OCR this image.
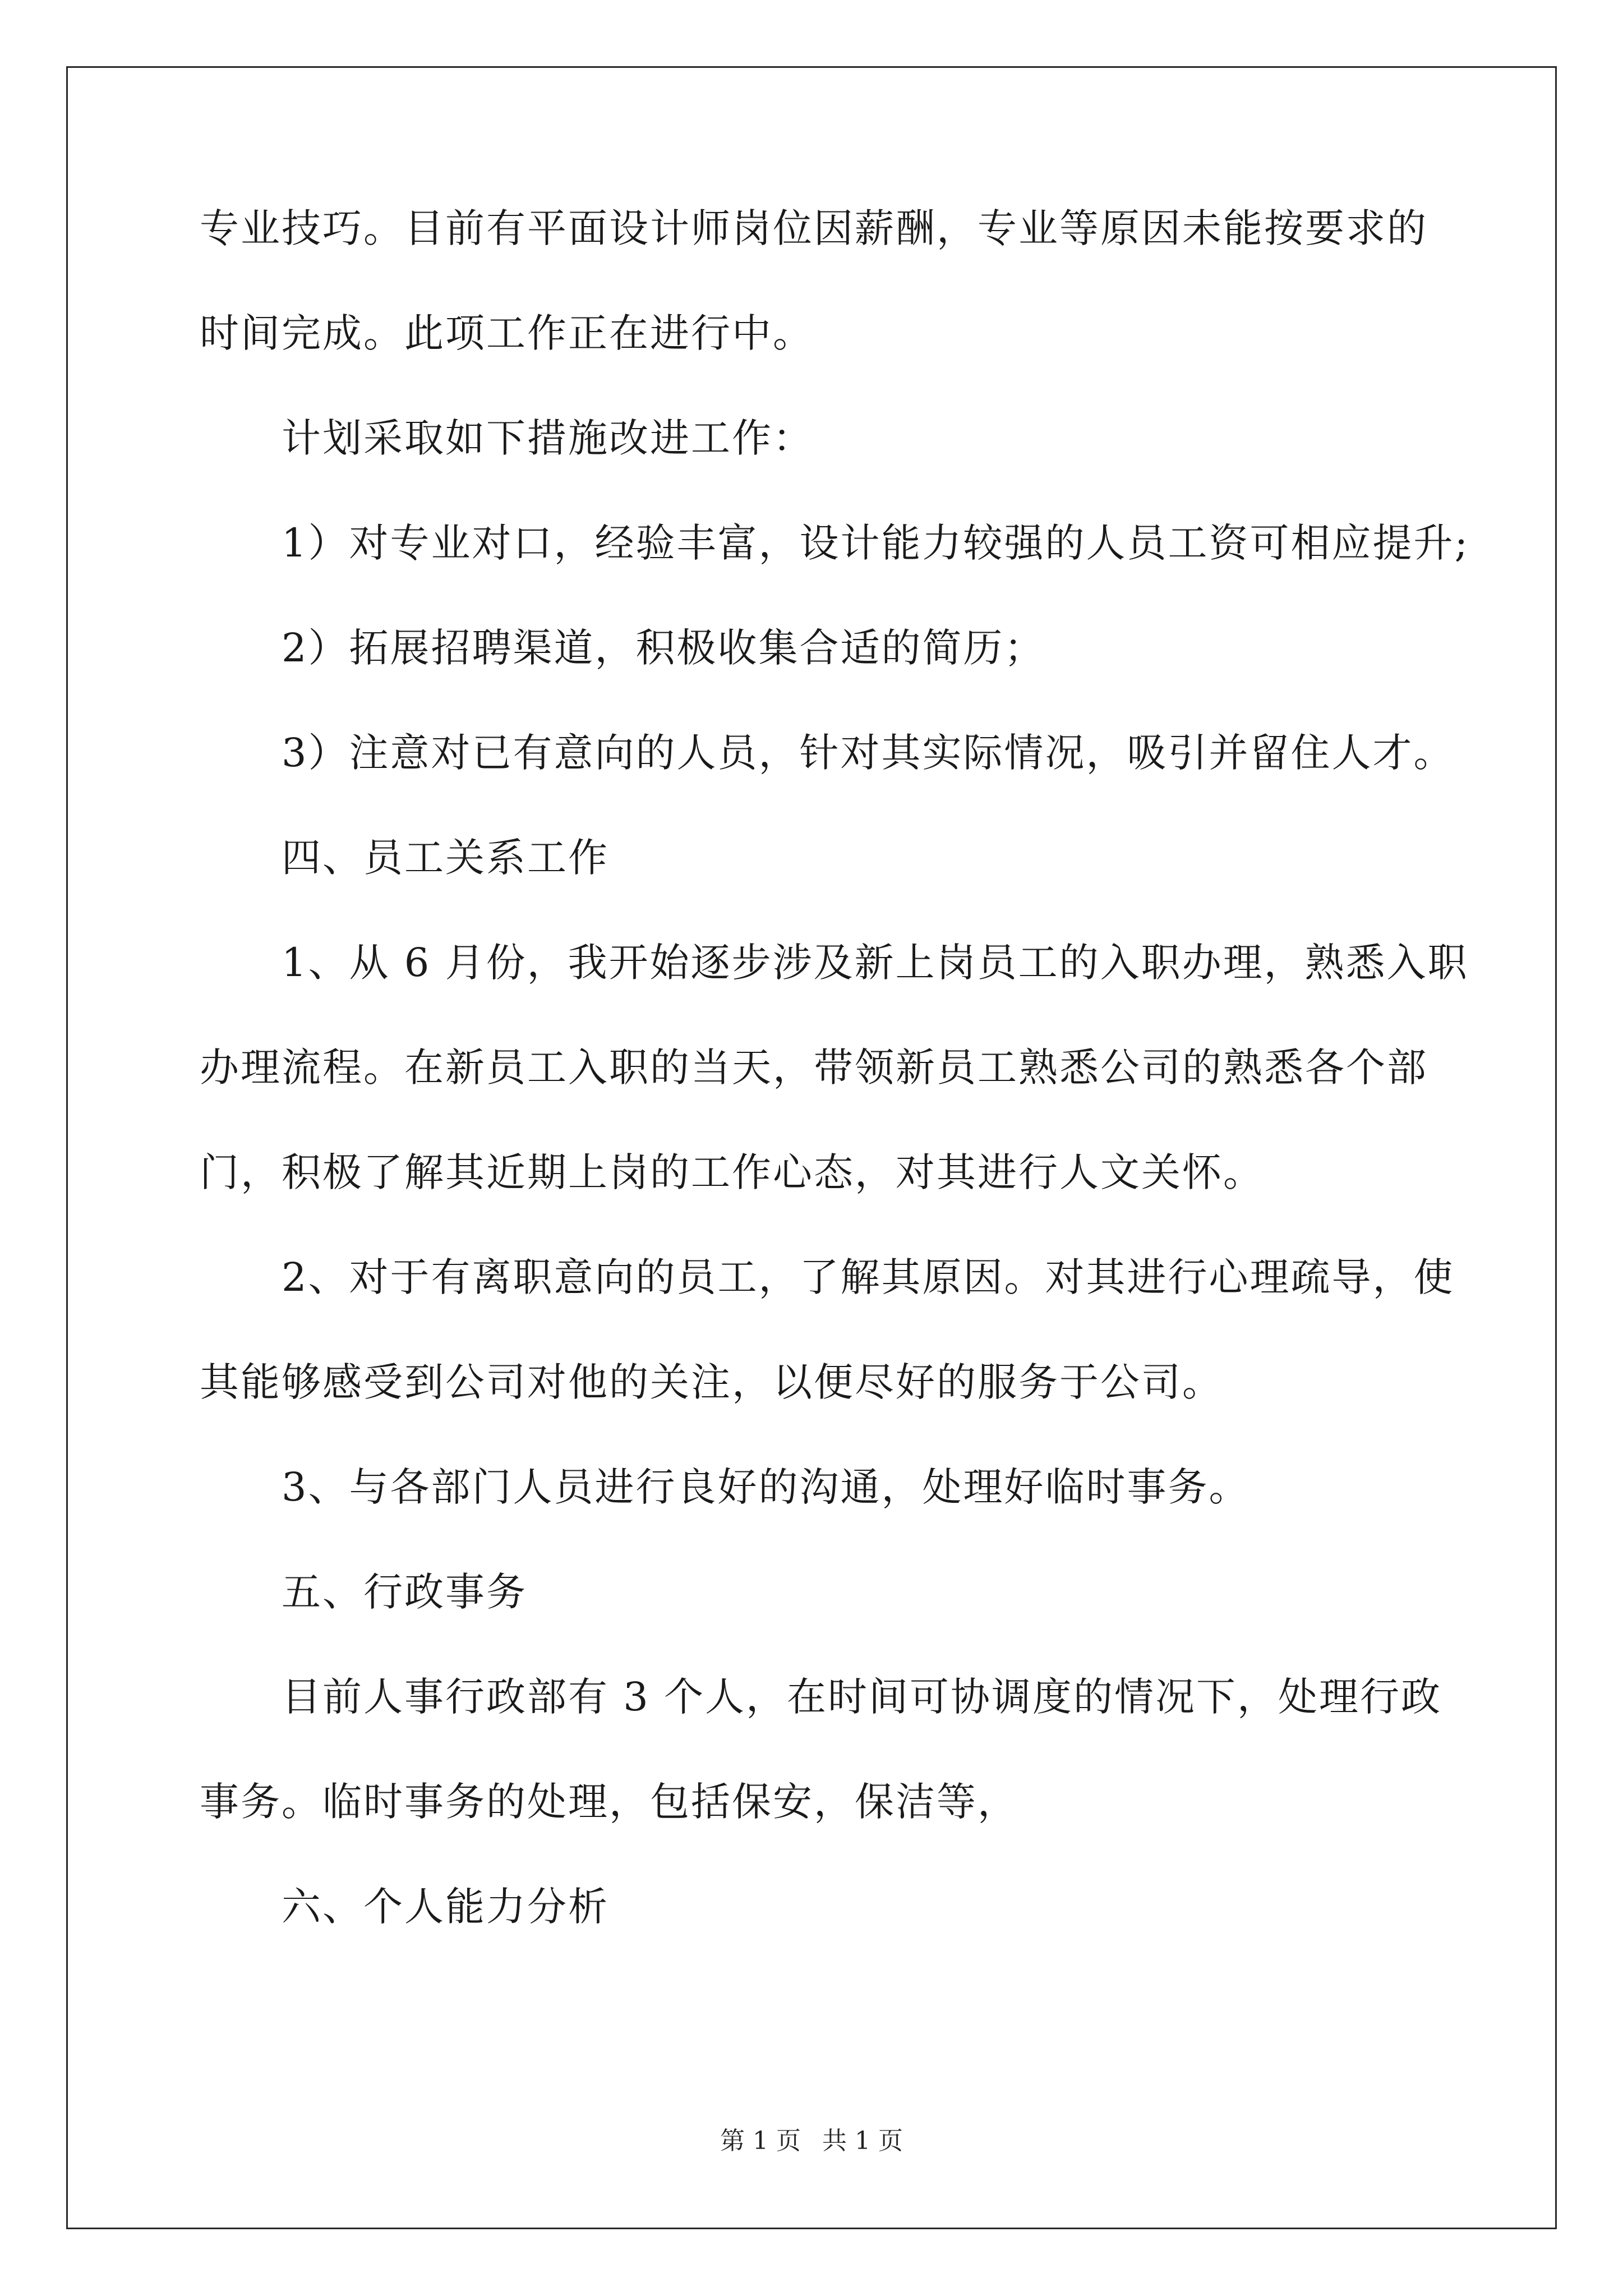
专业技巧。目前有平面设计师岗位因薪酬，专业等原因未能按要求的

时间完成。此项工作正在进行中。

计划采取如下措施改进工作：

1）对专业对口，经验丰富，设计能力较强的人员工资可相应提升;

2）拓展招聘渠道，积极收集合适的简历；

3）注意对已有意向的人员，针对其实际情况，吸引并留住人才。

四、员工关系工作

1、从 6 月份，我开始逐步涉及新上岗员工的入职办理，熟悉入职

办理流程。在新员工入职的当天，带领新员工熟悉公司的熟悉各个部

门，积极了解其近期上岗的工作心态，对其进行人文关怀。

2、对于有离职意向的员工，了解其原因。对其进行心理疏导，使

其能够感受到公司对他的关注，以便尽好的服务于公司。

3、与各部门人员进行良好的沟通，处理好临时事务。

五、行政事务

目前人事行政部有 3 个人，在时间可协调度的情况下，处理行政

事务。临时事务的处理，包括保安，保洁等，

六、个人能力分析

第 1 页 共 1 页
